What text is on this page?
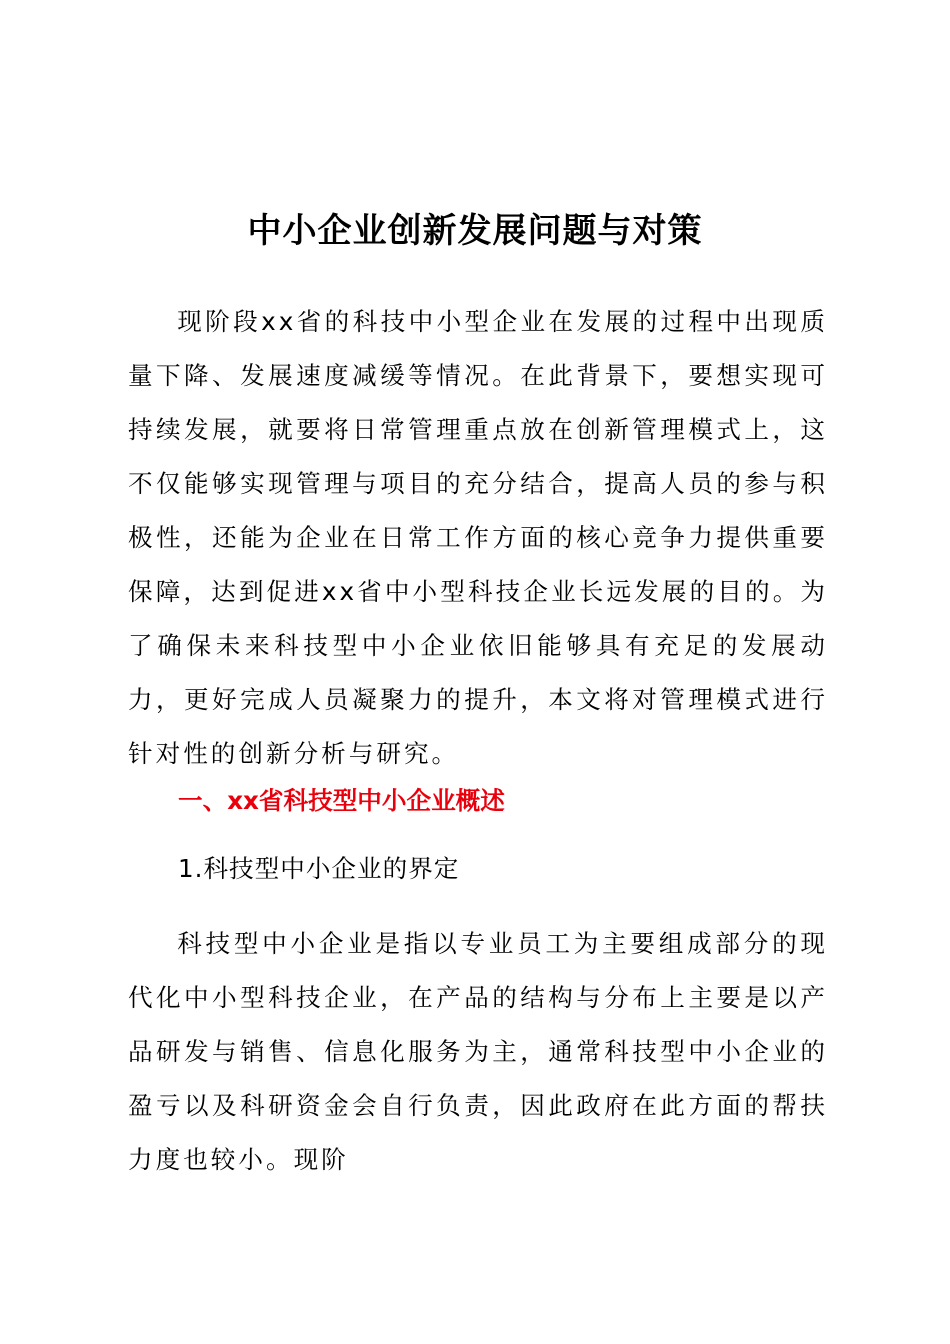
中小企业创新发展问题与对策

现阶段xx省的科技中小型企业在发展的过程中出现质量下降、发展速度减缓等情况。在此背景下，要想实现可持续发展，就要将日常管理重点放在创新管理模式上，这不仅能够实现管理与项目的充分结合，提高人员的参与积极性，还能为企业在日常工作方面的核心竞争力提供重要保障，达到促进xx省中小型科技企业长远发展的目的。为了确保未来科技型中小企业依旧能够具有充足的发展动力，更好完成人员凝聚力的提升，本文将对管理模式进行针对性的创新分析与研究。

一、xx省科技型中小企业概述

1.科技型中小企业的界定

科技型中小企业是指以专业员工为主要组成部分的现代化中小型科技企业，在产品的结构与分布上主要是以产品研发与销售、信息化服务为主，通常科技型中小企业的盈亏以及科研资金会自行负责，因此政府在此方面的帮扶力度也较小。现阶
